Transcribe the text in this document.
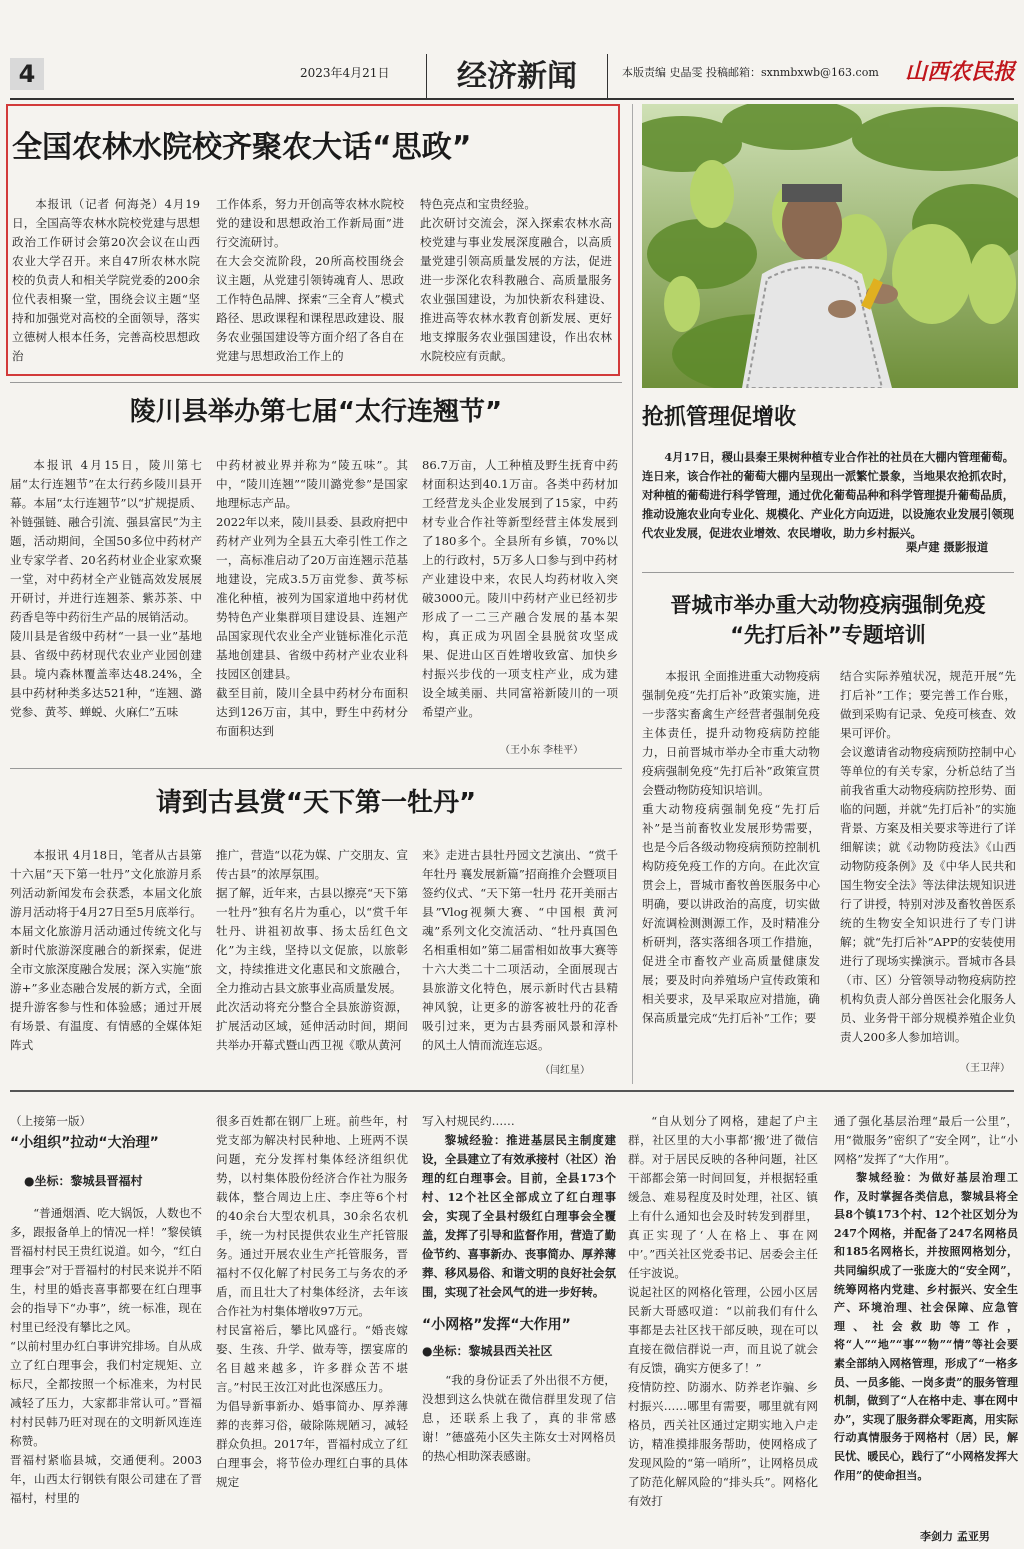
4	2023年4月21日	经济新闻	本版责编 史晶雯 投稿邮箱：sxnmbxwb@163.com 山西农民报
全国农林水院校齐聚农大话“思政”

本报讯（记者 何海尧）4月19日，全国高等农林水院校党建与思想政治工作研讨会第20次会议在山西农业大学召开。来自47所农林水院校的负责人和相关学院党委的200余位代表相聚一堂，围绕会议主题“坚持和加强党对高校的全面领导，落实立德树人根本任务，完善高校思想政治

工作体系，努力开创高等农林水院校党的建设和思想政治工作新局面”进行交流研讨。
在大会交流阶段，20所高校围绕会议主题，从党建引领铸魂育人、思政工作特色品牌、探索“三全育人”模式路径、思政课程和课程思政建设、服务农业强国建设等方面介绍了各自在党建与思想政治工作上的

特色亮点和宝贵经验。
此次研讨交流会，深入探索农林水高校党建与事业发展深度融合，以高质量党建引领高质量发展的方法，促进进一步深化农科教融合、高质量服务农业强国建设，为加快新农科建设、推进高等农林水教育创新发展、更好地支撑服务农业强国建设，作出农林水院校应有贡献。

陵川县举办第七届“太行连翘节”

本报讯 4月15日，陵川第七届“太行连翘节”在太行药乡陵川县开幕。本届“太行连翘节”以“扩规提质、补链强链、融合引流、强县富民”为主题，活动期间，全国50多位中药材产业专家学者、20名药材业企业家欢聚一堂，对中药材全产业链高效发展展开研讨，并进行连翘茶、紫苏茶、中药香皂等中药衍生产品的展销活动。
陵川县是省级中药材“一县一业”基地县、省级中药材现代农业产业园创建县。境内森林覆盖率达48.24%，全县中药材种类多达521种，“连翘、潞党参、黄芩、蝉蜕、火麻仁”五味

中药材被业界并称为“陵五味”。其中，“陵川连翘”“陵川潞党参”是国家地理标志产品。
2022年以来，陵川县委、县政府把中药材产业列为全县五大牵引性工作之一，高标准启动了20万亩连翘示范基地建设，完成3.5万亩党参、黄芩标准化种植，被列为国家道地中药材优势特色产业集群项目建设县、连翘产品国家现代农业全产业链标准化示范基地创建县、省级中药材产业农业科技园区创建县。
截至目前，陵川全县中药材分布面积达到126万亩，其中，野生中药材分布面积达到

86.7万亩，人工种植及野生抚育中药材面积达到40.1万亩。各类中药材加工经营龙头企业发展到了15家，中药材专业合作社等新型经营主体发展到了180多个。全县所有乡镇，70%以上的行政村，5万多人口参与到中药材产业建设中来，农民人均药材收入突破3000元。陵川中药材产业已经初步形成了一二三产融合发展的基本架构，真正成为巩固全县脱贫攻坚成果、促进山区百姓增收致富、加快乡村振兴步伐的一项支柱产业，成为建设全域美丽、共同富裕新陵川的一项希望产业。

（王小东 李桂平）
请到古县赏“天下第一牡丹”

本报讯 4月18日，笔者从古县第十六届“天下第一牡丹”文化旅游月系列活动新闻发布会获悉，本届文化旅游月活动将于4月27日至5月底举行。
本届文化旅游月活动通过传统文化与新时代旅游深度融合的新探索，促进全市文旅深度融合发展；深入实施“旅游+”多业态融合发展的新方式，全面提升游客参与性和体验感；通过开展有场景、有温度、有情感的全媒体矩阵式

推广，营造“以花为媒、广交朋友、宣传古县”的浓厚氛围。
据了解，近年来，古县以擦亮“天下第一牡丹”独有名片为重心，以“赏千年牡丹、讲祖初故事、扬太岳红色文化”为主线，坚持以文促旅，以旅彰文，持续推进文化惠民和文旅融合，全力推动古县文旅事业高质量发展。
此次活动将充分整合全县旅游资源，扩展活动区域，延伸活动时间，期间共举办开幕式暨山西卫视《歌从黄河

来》走进古县牡丹园文艺演出、“赏千年牡丹 襄发展新篇”招商推介会暨项目签约仪式、“天下第一牡丹 花开美丽古县”Vlog视频大赛、“中国根 黄河魂”系列文化交流活动、“牡丹真国色 名相重相如”第二届雷相如故事大赛等十六大类二十二项活动，全面展现古县旅游文化特色，展示新时代古县精神风貌，让更多的游客被牡丹的花香吸引过来，更为古县秀丽风景和淳朴的风土人情而流连忘返。

（闫红星）
抢抓管理促增收

4月17日，稷山县秦王果树种植专业合作社的社员在大棚内管理葡萄。连日来，该合作社的葡萄大棚内呈现出一派繁忙景象，当地果农抢抓农时，对种植的葡萄进行科学管理，通过优化葡萄品种和科学管理提升葡萄品质，推动设施农业向专业化、规模化、产业化方向迈进，以设施农业发展引领现代农业发展，促进农业增效、农民增收，助力乡村振兴。

栗卢建 摄影报道
晋城市举办重大动物疫病强制免疫
“先打后补”专题培训

本报讯 全面推进重大动物疫病强制免疫“先打后补”政策实施，进一步落实畜禽生产经营者强制免疫主体责任，提升动物疫病防控能力，日前晋城市举办全市重大动物疫病强制免疫“先打后补”政策宣贯会暨动物防疫知识培训。
重大动物疫病强制免疫“先打后补”是当前畜牧业发展形势需要，也是今后各级动物疫病预防控制机构防疫免疫工作的方向。在此次宣贯会上，晋城市畜牧兽医服务中心明确，要以讲政治的高度，切实做好流调检测测源工作，及时精准分析研判，落实落细各项工作措施，促进全市畜牧产业高质量健康发展；要及时向养殖场户宣传政策和相关要求，及早采取应对措施，确保高质量完成“先打后补”工作；要

结合实际养殖状况，规范开展“先打后补”工作；要完善工作台账，做到采购有记录、免疫可核查、效果可评价。
会议邀请省动物疫病预防控制中心等单位的有关专家，分析总结了当前我省重大动物疫病防控形势、面临的问题，并就“先打后补”的实施背景、方案及相关要求等进行了详细解读；就《动物防疫法》《山西动物防疫条例》及《中华人民共和国生物安全法》等法律法规知识进行了讲授，特别对涉及畜牧兽医系统的生物安全知识进行了专门讲解；就“先打后补”APP的安装使用进行了现场实操演示。晋城市各县（市、区）分管领导动物疫病防控机构负责人部分兽医社会化服务人员、业务骨干部分规模养殖企业负责人200多人参加培训。

（王卫萍）
（上接第一版）

“小组织”拉动“大治理”

●坐标：黎城县晋福村

“普通烟酒、吃大锅饭，人数也不多，跟报备单上的情况一样！”黎侯镇晋福村村民王贵红说道。如今，“红白理事会”对于晋福村的村民来说并不陌生，村里的婚丧喜事都要在红白理事会的指导下“办事”，统一标准，现在村里已经没有攀比之风。
“以前村里办红白事讲究排场。自从成立了红白理事会，我们村定规矩、立标尺，全都按照一个标准来，为村民减轻了压力，大家都非常认可。”晋福村村民韩乃旺对现在的文明新风连连称赞。
晋福村紧临县城，交通便利。2003年，山西太行钢铁有限公司建在了晋福村，村里的

很多百姓都在钢厂上班。前些年，村党支部为解决村民种地、上班两不误问题，充分发挥村集体经济组织优势，以村集体股份经济合作社为服务载体，整合周边上庄、李庄等6个村的40余台大型农机具，30余名农机手，统一为村民提供农业生产托管服务。通过开展农业生产托管服务，晋福村不仅化解了村民务工与务农的矛盾，而且壮大了村集体经济，去年该合作社为村集体增收97万元。
村民富裕后，攀比风盛行。“婚丧嫁娶、生孩、升学、做寿等，摆宴席的名目越来越多，许多群众苦不堪言。”村民王汝江对此也深感压力。
为倡导新事新办、婚事简办、厚养薄葬的丧葬习俗，破除陈规陋习，减轻群众负担。2017年，晋福村成立了红白理事会，将节俭办理红白事的具体规定

写入村规民约……

黎城经验：推进基层民主制度建设，全县建立了有效承接村（社区）治理的红白理事会。目前，全县173个村、12个社区全部成立了红白理事会，实现了全县村级红白理事会全覆盖，发挥了引导和监督作用，营造了勤俭节约、喜事新办、丧事简办、厚养薄葬、移风易俗、和谐文明的良好社会氛围，实现了社会风气的进一步好转。

“小网格”发挥“大作用”

●坐标：黎城县西关社区

“我的身份证丢了外出很不方便，没想到这么快就在微信群里发现了信息，还联系上我了，真的非常感谢！”德盛苑小区失主陈女士对网格员的热心相助深表感谢。

“自从划分了网格，建起了户主群，社区里的大小事都‘搬’进了微信群。对于居民反映的各种问题，社区干部都会第一时间回复，并根据轻重缓急、难易程度及时处理，社区、镇上有什么通知也会及时转发到群里，真正实现了‘人在格上、事在网中’。”西关社区党委书记、居委会主任任宇波说。
说起社区的网格化管理，公园小区居民新大哥感叹道：“以前我们有什么事都是去社区找干部反映，现在可以直接在微信群说一声，而且说了就会有反馈，确实方便多了！”
疫情防控、防溺水、防养老诈骗、乡村振兴……哪里有需要，哪里就有网格员，西关社区通过定期实地入户走访，精准摸排服务帮助，使网格成了发现风险的“第一哨所”，让网格员成了防范化解风险的“排头兵”。网格化有效打

通了强化基层治理“最后一公里”，用“微服务”密织了“安全网”，让“小网格”发挥了“大作用”。

黎城经验：为做好基层治理工作，及时掌握各类信息，黎城县将全县8个镇173个村、12个社区划分为247个网格，并配备了247名网格员和185名网格长，并按照网格划分，共同编织成了一张庞大的“安全网”，统筹网格内党建、乡村振兴、安全生产、环境治理、社会保障、应急管理、社会救助等工作，将“人”“地”“事”“物”“情”等社会要素全部纳入网格管理，形成了“一格多员、一员多能、一岗多责”的服务管理机制，做到了“人在格中走、事在网中办”，实现了服务群众零距离，用实际行动真情服务于网格村（居）民，解民忧、暖民心，践行了“小网格发挥大作用”的使命担当。

李剑力 孟亚男
